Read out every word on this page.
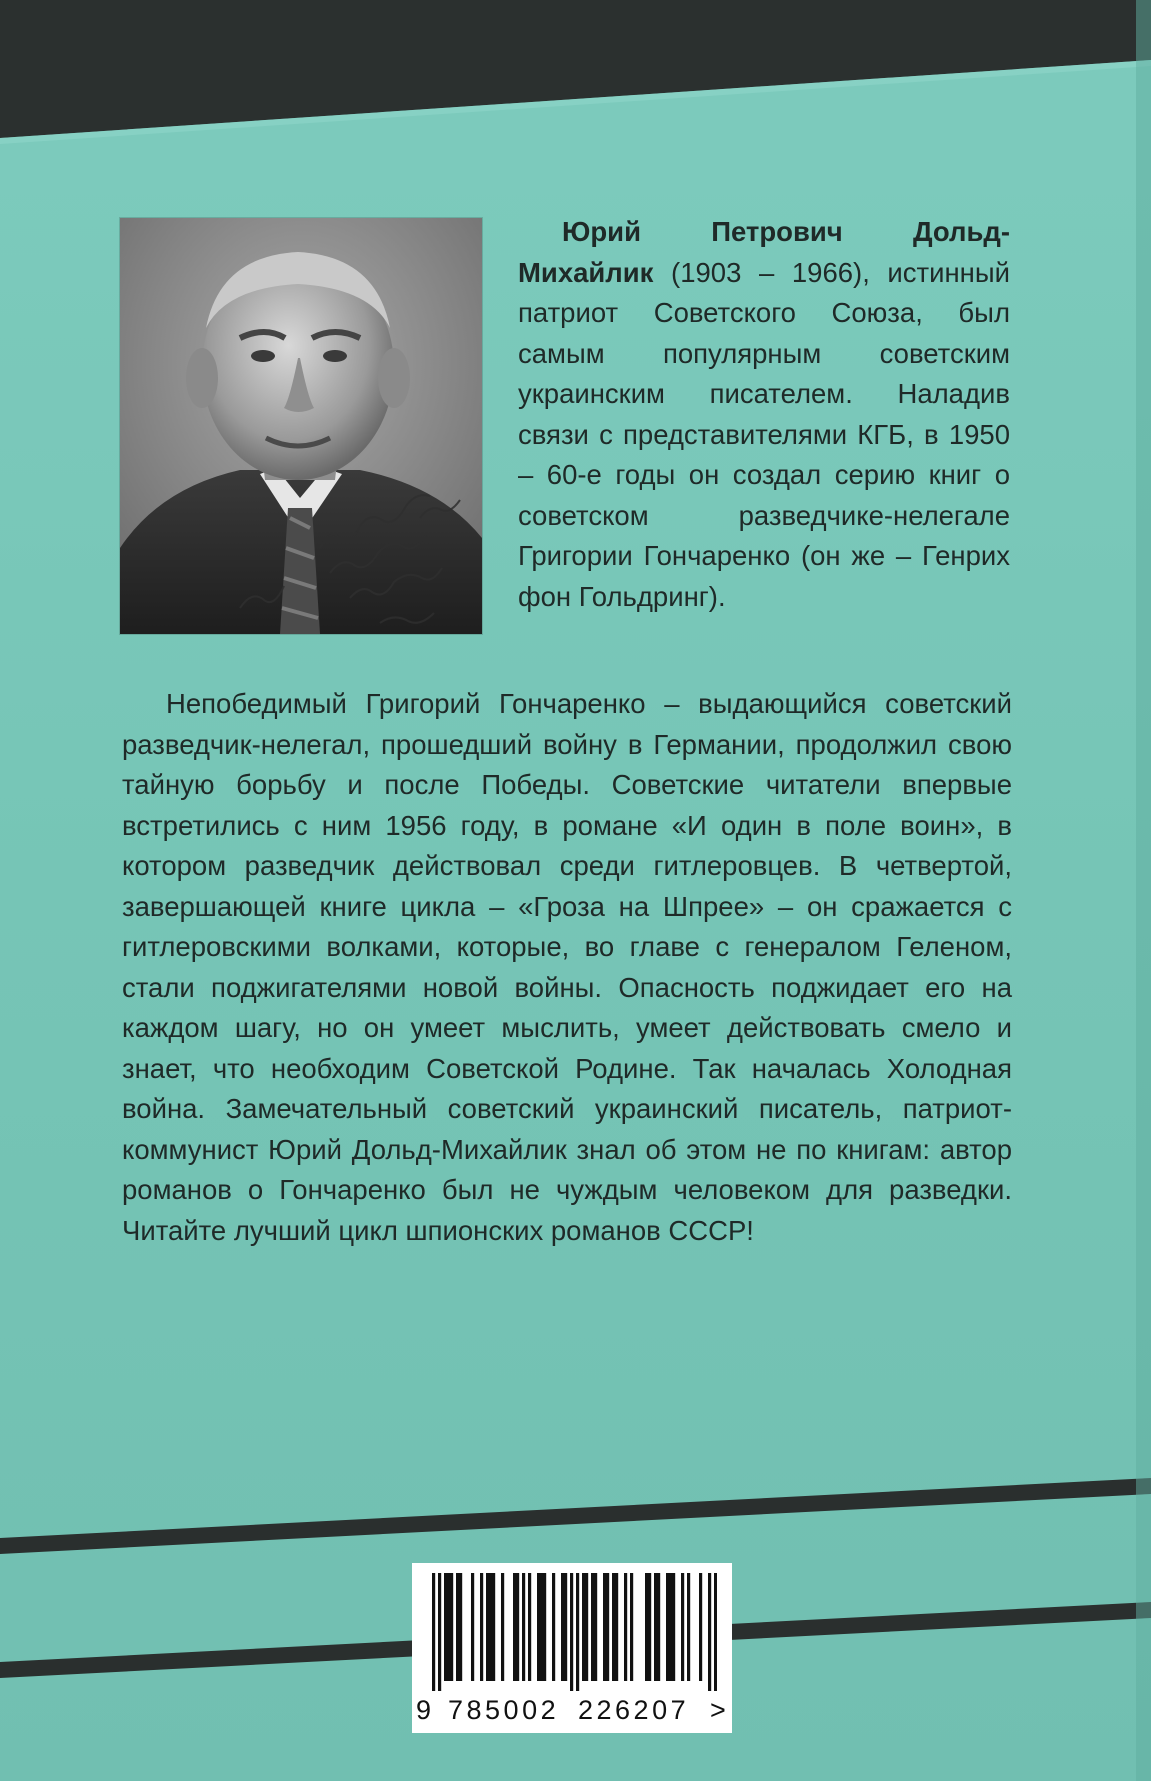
Юрий Петрович Дольд-Михайлик (1903 – 1966), истинный патриот Советского Союза, был самым популярным советским украинским писателем. Наладив связи с представителями КГБ, в 1950 – 60-е годы он создал серию книг о советском разведчике-нелегале Григории Гончаренко (он же – Генрих фон Гольдринг).

Непобедимый Григорий Гончаренко – выдающийся советский разведчик-нелегал, прошедший войну в Германии, продолжил свою тайную борьбу и после Победы. Советские читатели впервые встретились с ним 1956 году, в романе «И один в поле воин», в котором разведчик действовал среди гитлеровцев. В четвертой, завершающей книге цикла – «Гроза на Шпрее» – он сражается с гитлеровскими волками, которые, во главе с генералом Геленом, стали поджигателями новой войны. Опасность поджидает его на каждом шагу, но он умеет мыслить, умеет действовать смело и знает, что необходим Советской Родине. Так началась Холодная война. Замечательный советский украинский писатель, патриот-коммунист Юрий Дольд-Михайлик знал об этом не по книгам: автор романов о Гончаренко был не чуждым человеком для разведки. Читайте лучший цикл шпионских романов СССР!

9 785002 226207 >
